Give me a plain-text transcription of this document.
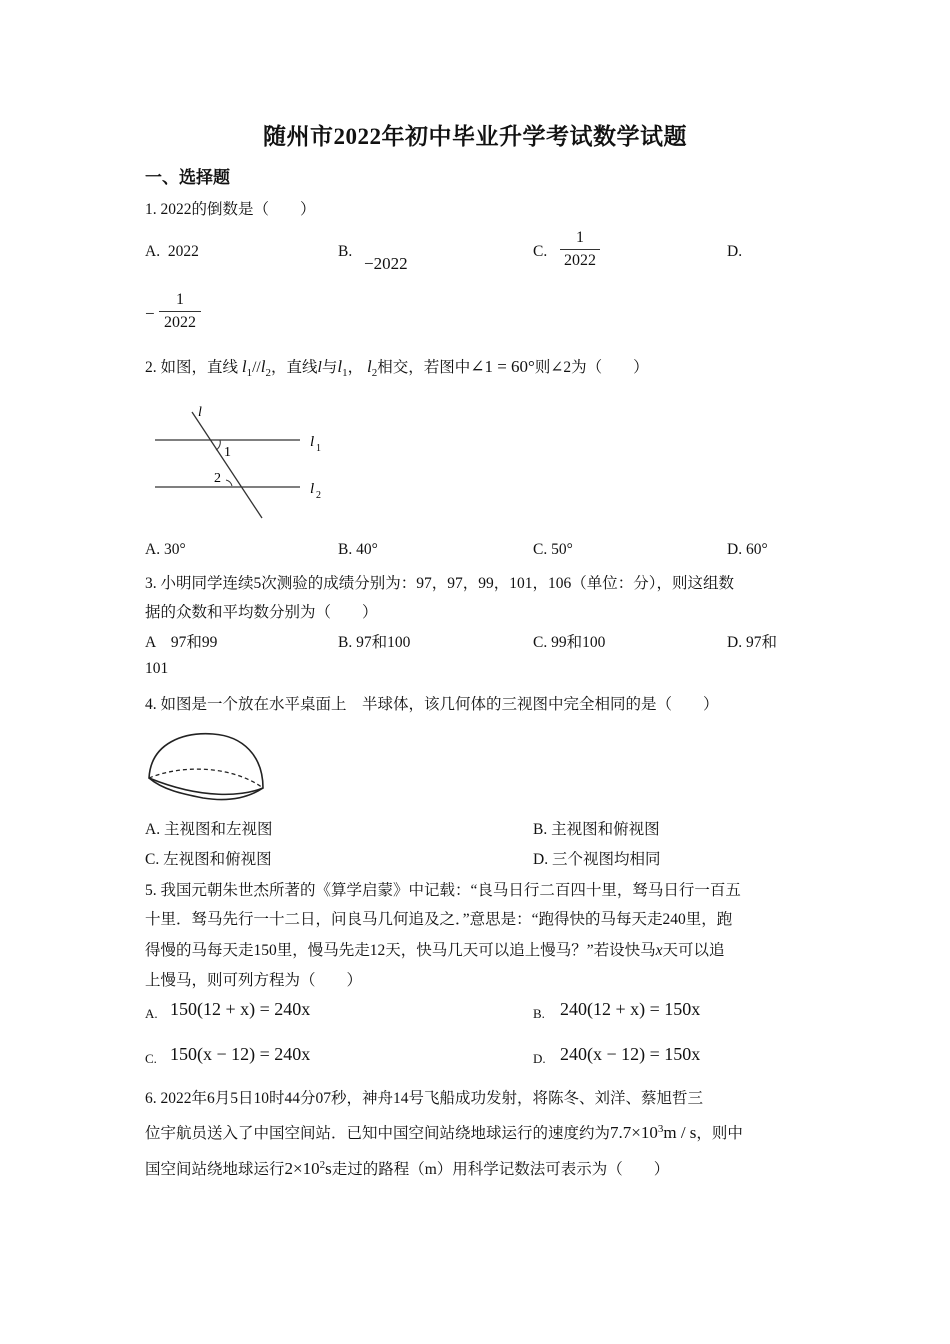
随州市2022年初中毕业升学考试数学试题
一、选择题
1. 2022的倒数是（　　）
A. 2022	B.
−2022
C.
1
2022
D.
−
1
2022
2. 如图，直线 $l_1//l_2$，直线l与$l_1$， $l_2$相交，若图中∠1 = 60°则∠2为（　　）
l
1
2
l 1
l 2
A. 30°	B. 40°	C. 50°	D. 60°
3. 小明同学连续5次测验的成绩分别为：97，97，99，101，106（单位：分），则这组数
据的众数和平均数分别为（　　）
A　97和99	B. 97和100	C. 99和100	D. 97和
101
4. 如图是一个放在水平桌面上　半球体，该几何体的三视图中完全相同的是（　　）
A. 主视图和左视图	B. 主视图和俯视图
C. 左视图和俯视图	D. 三个视图均相同
5. 我国元朝朱世杰所著的《算学启蒙》中记载：“良马日行二百四十里，驽马日行一百五
十里．驽马先行一十二日，问良马几何追及之．”意思是：“跑得快的马每天走240里，跑
得慢的马每天走150里，慢马先走12天，快马几天可以追上慢马？”若设快马x天可以追
上慢马，则可列方程为（　　）
A. 150(12 + x) = 240x	B. 240(12 + x) = 150x
C. 150(x − 12) = 240x	D. 240(x − 12) = 150x
6. 2022年6月5日10时44分07秒，神舟14号飞船成功发射，将陈冬、刘洋、蔡旭哲三
位宇航员送入了中国空间站．已知中国空间站绕地球运行的速度约为$7.7\times 10^3m / s$，则中
国空间站绕地球运行$2\times 10^2s$走过的路程（m）用科学记数法可表示为（　　）
